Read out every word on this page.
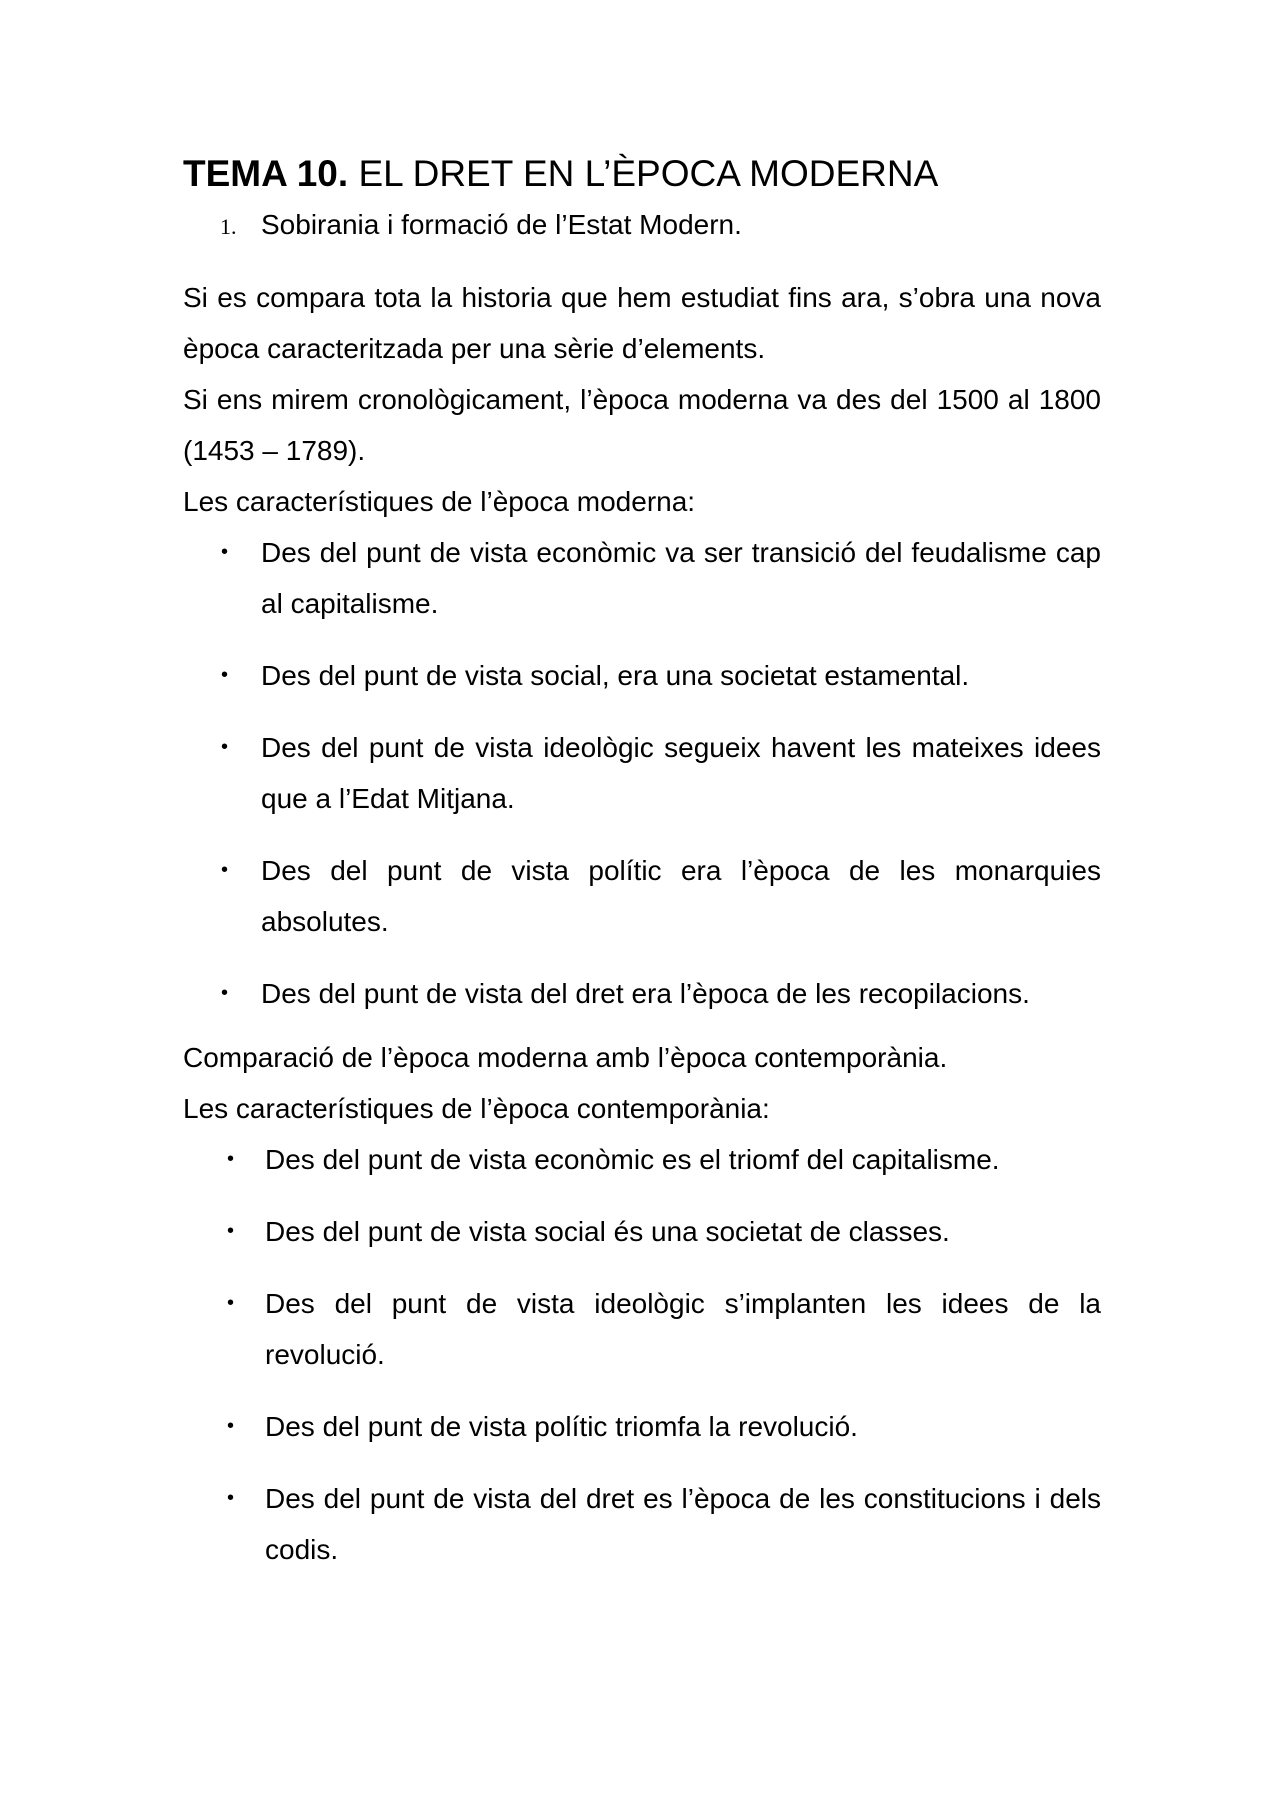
TEMA 10. EL DRET EN L’ÈPOCA MODERNA
1. Sobirania i formació de l’Estat Modern.

Si es compara tota la historia que hem estudiat fins ara, s’obra una nova època caracteritzada per una sèrie d’elements.

Si ens mirem cronològicament, l’època moderna va des del 1500 al 1800 (1453 – 1789).

Les característiques de l’època moderna:

•	Des del punt de vista econòmic va ser transició del feudalisme cap al capitalisme.
•	Des del punt de vista social, era una societat estamental.
•	Des del punt de vista ideològic segueix havent les mateixes idees que a l’Edat Mitjana.
•	Des del punt de vista polític era l’època de les monarquies absolutes.
•	Des del punt de vista del dret era l’època de les recopilacions.

Comparació de l’època moderna amb l’època contemporània.

Les característiques de l’època contemporània:

•	Des del punt de vista econòmic es el triomf del capitalisme.
•	Des del punt de vista social és una societat de classes.
•	Des del punt de vista ideològic s’implanten les idees de la revolució.
•	Des del punt de vista polític triomfa la revolució.
•	Des del punt de vista del dret es l’època de les constitucions i dels codis.
